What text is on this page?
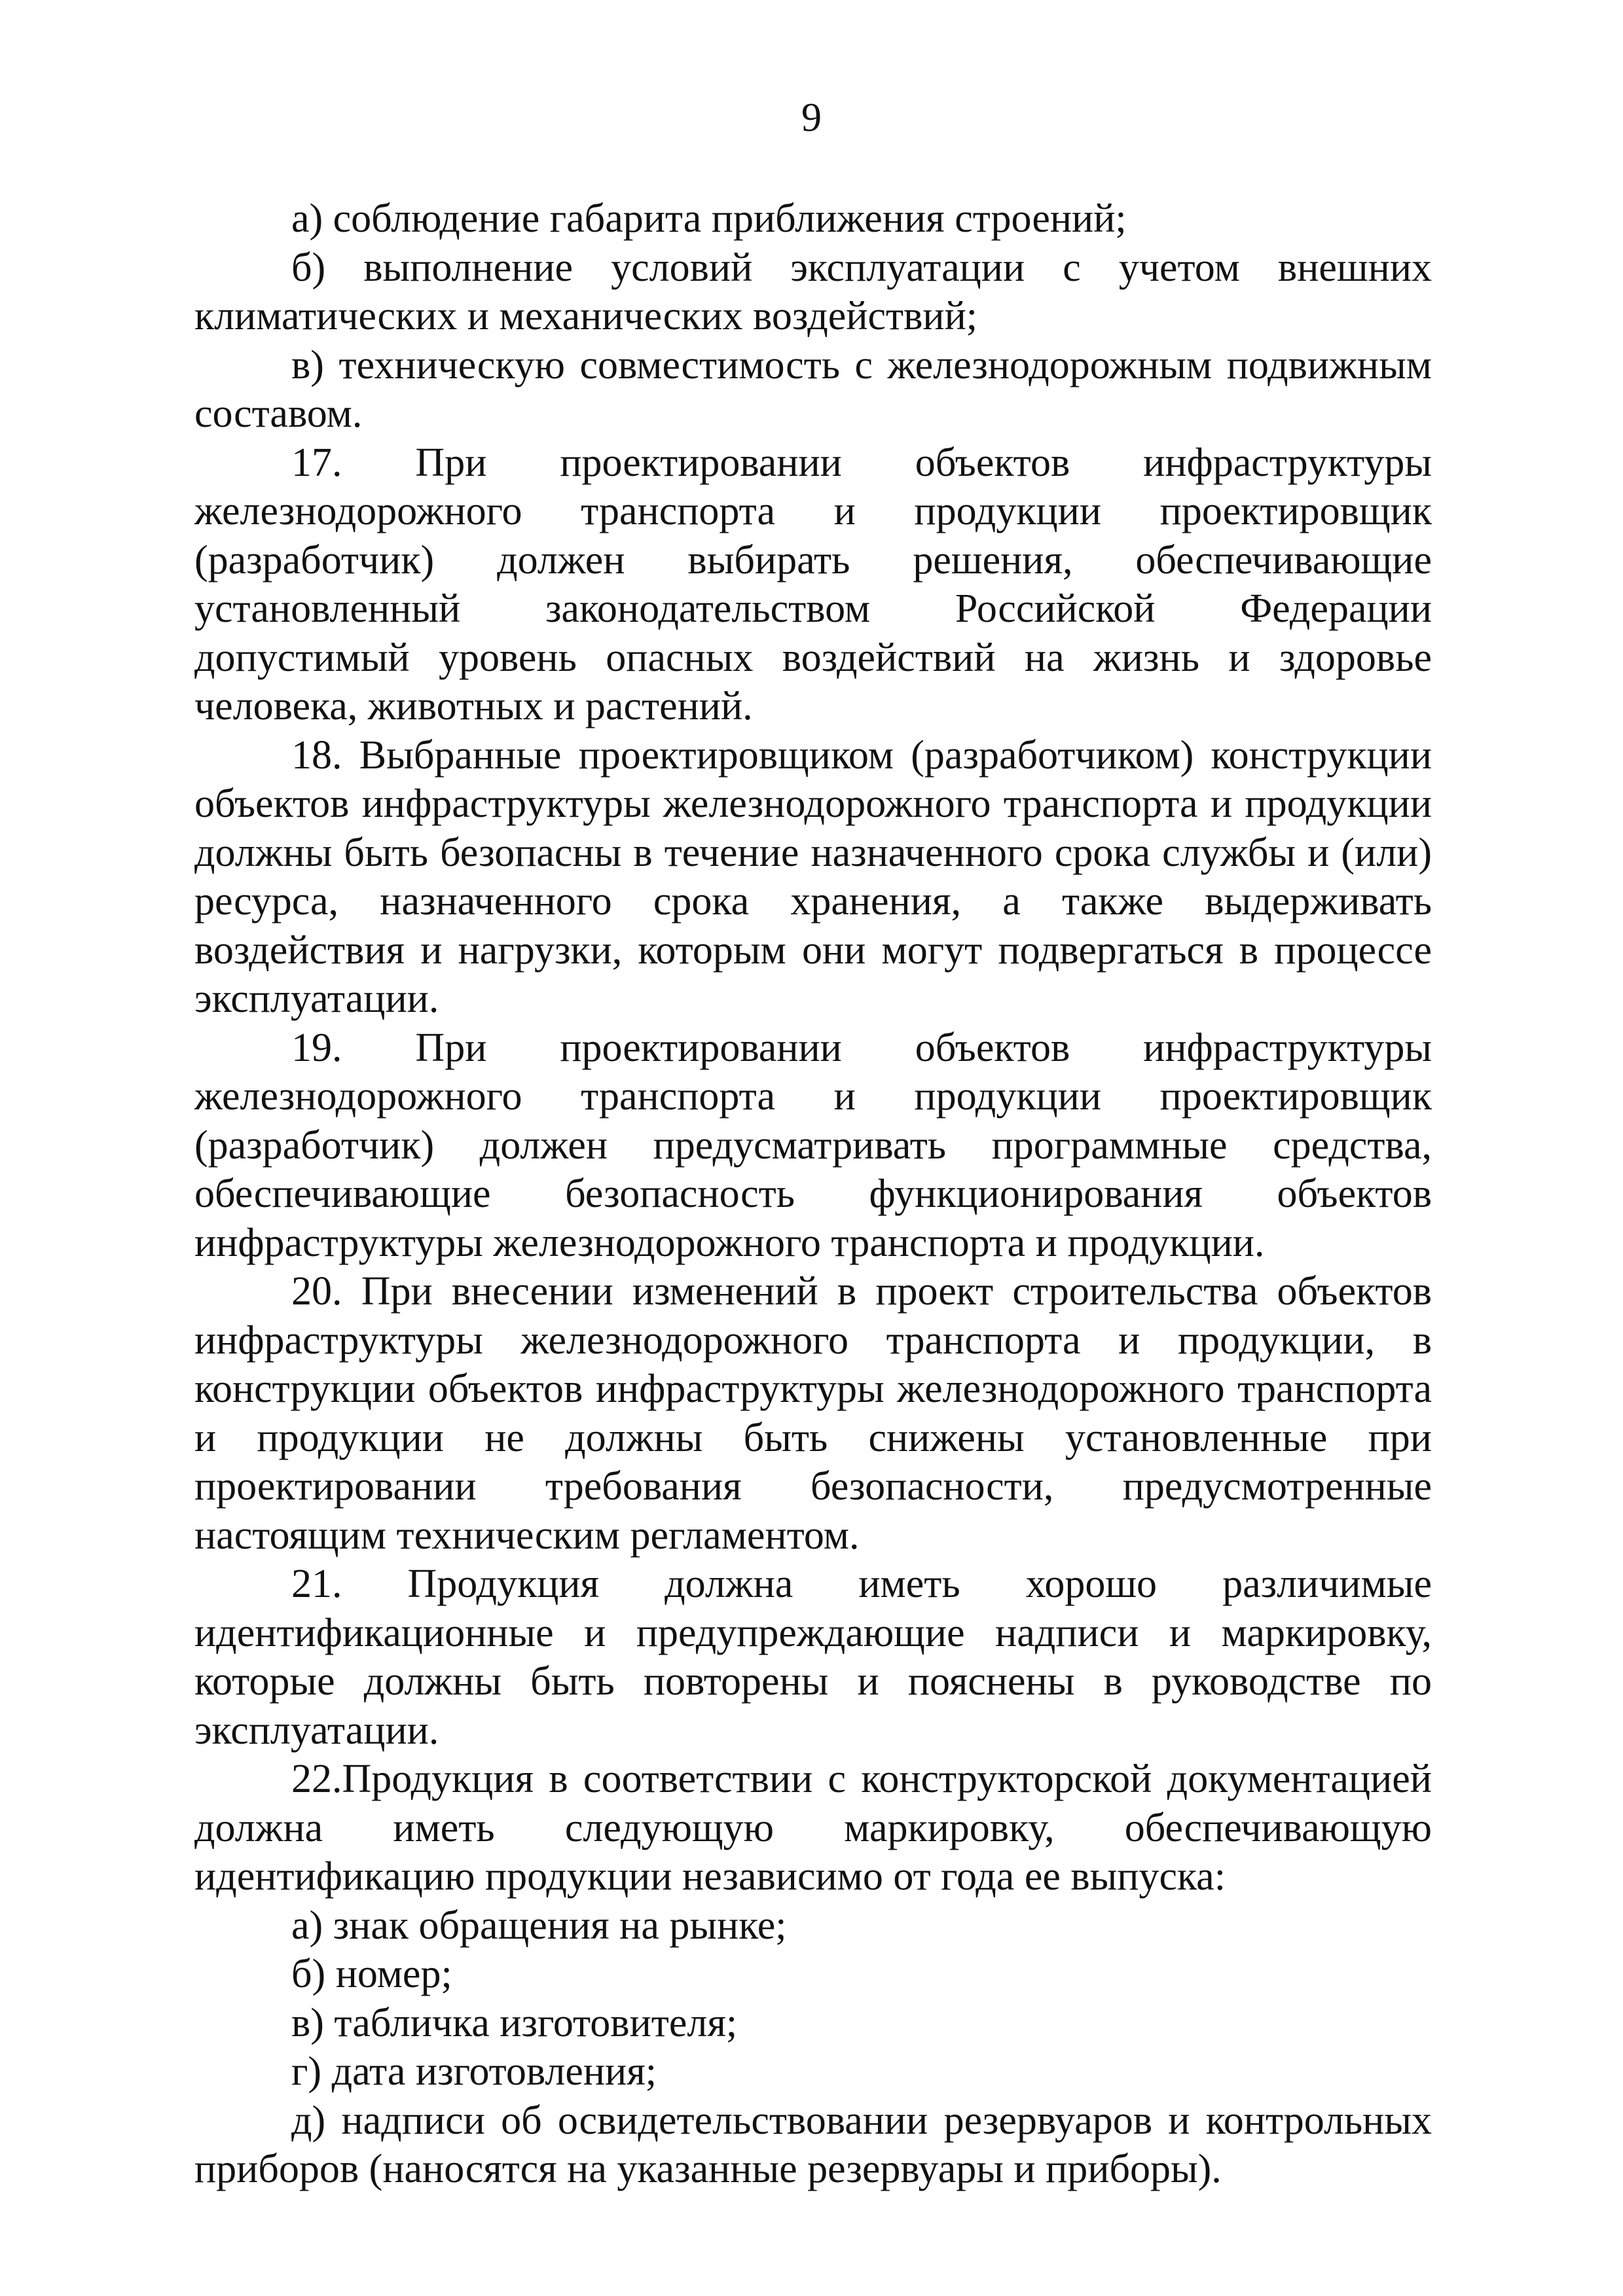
9

а) соблюдение габарита приближения строений;

б) выполнение условий эксплуатации с учетом внешних климатических и механических воздействий;

в) техническую совместимость с железнодорожным подвижным составом.

17. При проектировании объектов инфраструктуры железнодорожного транспорта и продукции проектировщик (разработчик) должен выбирать решения, обеспечивающие установленный законодательством Российской Федерации допустимый уровень опасных воздействий на жизнь и здоровье человека, животных и растений.

18. Выбранные проектировщиком (разработчиком) конструкции объектов инфраструктуры железнодорожного транспорта и продукции должны быть безопасны в течение назначенного срока службы и (или) ресурса, назначенного срока хранения, а также выдерживать воздействия и нагрузки, которым они могут подвергаться в процессе эксплуатации.

19. При проектировании объектов инфраструктуры железнодорожного транспорта и продукции проектировщик (разработчик) должен предусматривать программные средства, обеспечивающие безопасность функционирования объектов инфраструктуры железнодорожного транспорта и продукции.

20. При внесении изменений в проект строительства объектов инфраструктуры железнодорожного транспорта и продукции, в конструкции объектов инфраструктуры железнодорожного транспорта и продукции не должны быть снижены установленные при проектировании требования безопасности, предусмотренные настоящим техническим регламентом.

21. Продукция должна иметь хорошо различимые идентификационные и предупреждающие надписи и маркировку, которые должны быть повторены и пояснены в руководстве по эксплуатации.

22.Продукция в соответствии с конструкторской документацией должна иметь следующую маркировку, обеспечивающую идентификацию продукции независимо от года ее выпуска:

а) знак обращения на рынке;

б) номер;

в) табличка изготовителя;

г) дата изготовления;

д) надписи об освидетельствовании резервуаров и контрольных приборов (наносятся на указанные резервуары и приборы).
